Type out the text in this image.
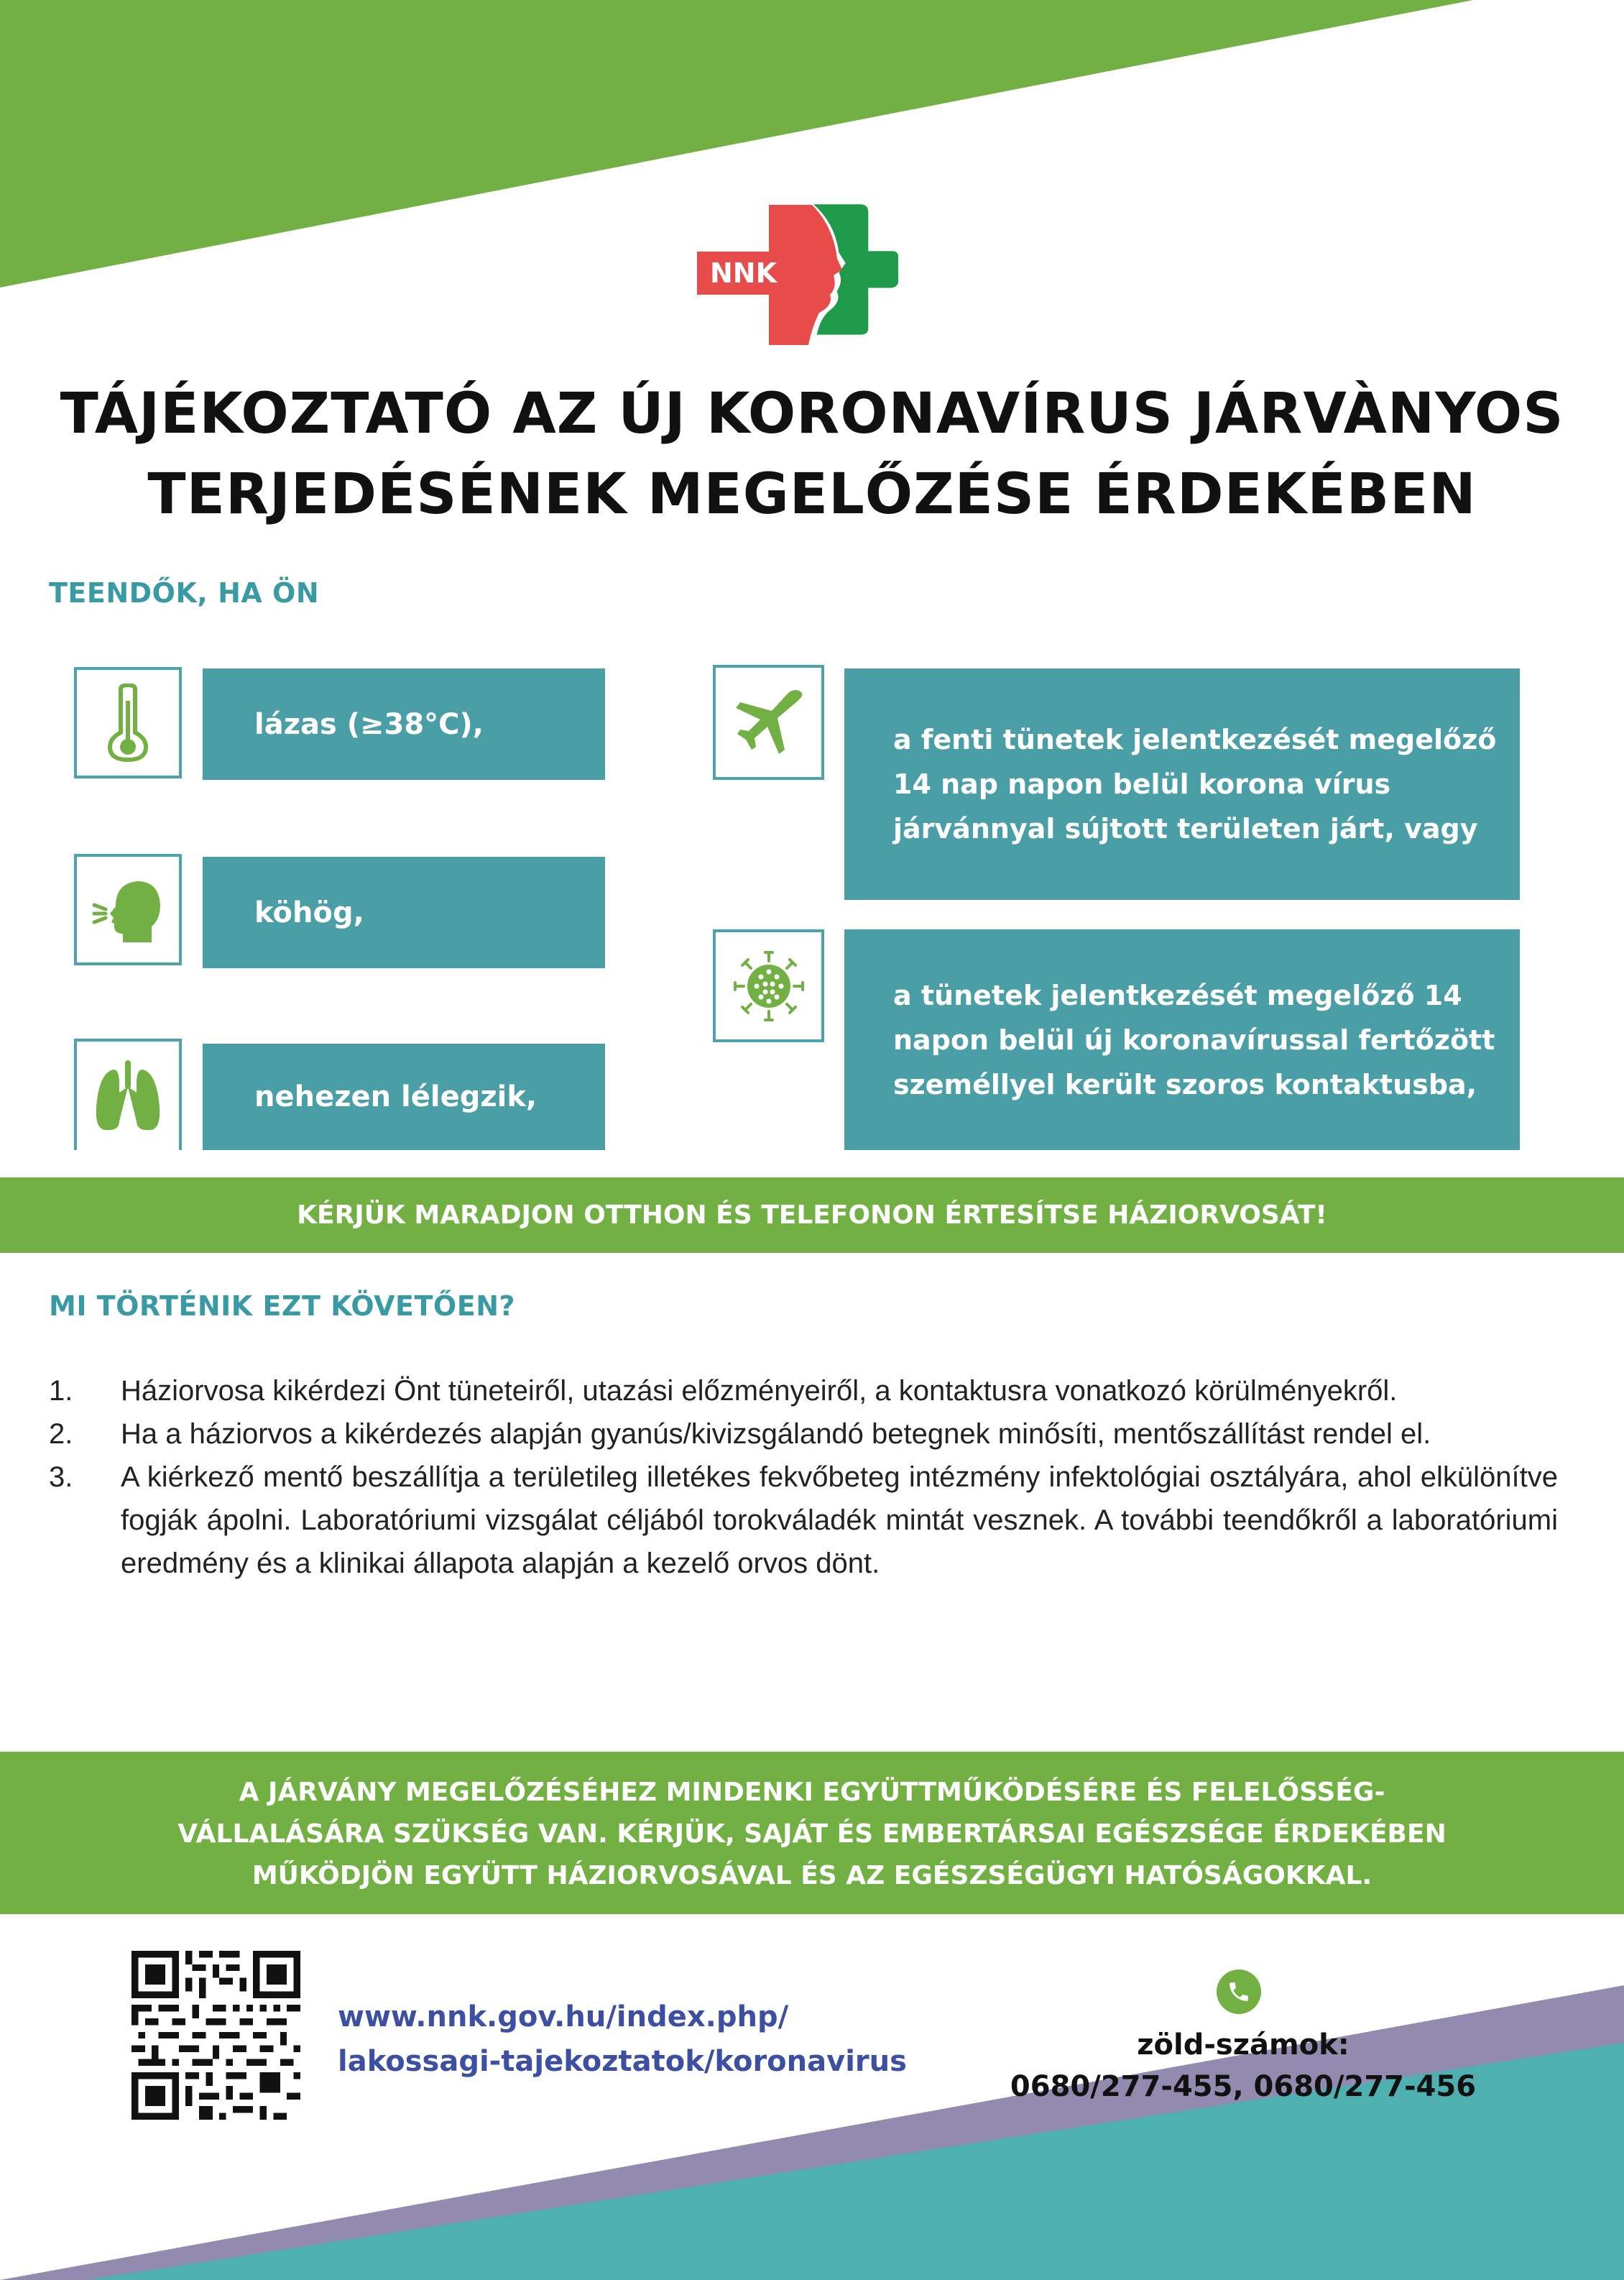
NNK
TÁJÉKOZTATÓ AZ ÚJ KORONAVÍRUS JÁRVÀNYOS
TERJEDÉSÉNEK MEGELŐZÉSE ÉRDEKÉBEN
TEENDŐK, HA ÖN
lázas (≥38°C),
köhög,
nehezen lélegzik,
a fenti tünetek jelentkezését megelőző 14 nap napon belül korona vírus járvánnyal sújtott területen járt, vagy
a tünetek jelentkezését megelőző 14 napon belül új koronavírussal fertőzött személlyel került szoros kontaktusba,
KÉRJÜK MARADJON OTTHON ÉS TELEFONON ÉRTESÍTSE HÁZIORVOSÁT!
MI TÖRTÉNIK EZT KÖVETŐEN?
1.	Háziorvosa kikérdezi Önt tüneteiről, utazási előzményeiről, a kontaktusra vonatkozó körülményekről.
2.	Ha a háziorvos a kikérdezés alapján gyanús/kivizsgálandó betegnek minősíti, mentőszállítást rendel el.
3.	A kiérkező mentő beszállítja a területileg illetékes fekvőbeteg intézmény infektológiai osztályára, ahol elkülönítve fogják ápolni. Laboratóriumi vizsgálat céljából torokváladék mintát vesznek. A további teendőkről a laboratóriumi eredmény és a klinikai állapota alapján a kezelő orvos dönt.
A JÁRVÁNY MEGELŐZÉSÉHEZ MINDENKI EGYÜTTMŰKÖDÉSÉRE ÉS FELELŐSSÉG-
VÁLLALÁSÁRA SZÜKSÉG VAN. KÉRJÜK, SAJÁT ÉS EMBERTÁRSAI EGÉSZSÉGE ÉRDEKÉBEN
MŰKÖDJÖN EGYÜTT HÁZIORVOSÁVAL ÉS AZ EGÉSZSÉGÜGYI HATÓSÁGOKKAL.
www.nnk.gov.hu/index.php/
lakossagi-tajekoztatok/koronavirus	zöld-számok:
0680/277-455, 0680/277-456
